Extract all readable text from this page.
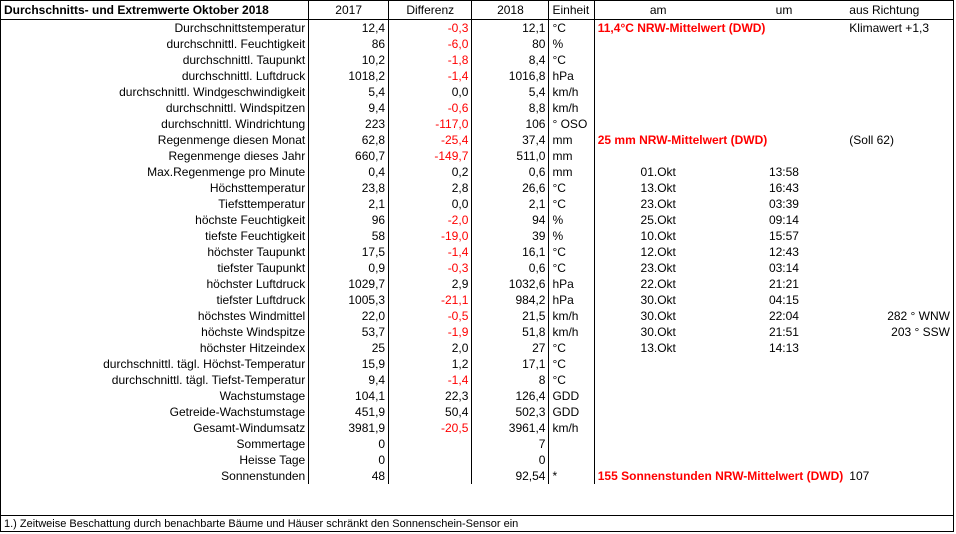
Durchschnitts- und Extremwerte Oktober 2018	2017	Differenz	2018	Einheit	am	um	aus Richtung
Durchschnittstemperatur	12,4	-0,3	12,1	°C	11,4°C NRW-Mittelwert (DWD)		Klimawert +1,3
durchschnittl. Feuchtigkeit	86	-6,0	80	%			
durchschnittl. Taupunkt	10,2	-1,8	8,4	°C			
durchschnittl. Luftdruck	1018,2	-1,4	1016,8	hPa			
durchschnittl. Windgeschwindigkeit	5,4	0,0	5,4	km/h			
durchschnittl. Windspitzen	9,4	-0,6	8,8	km/h			
durchschnittl. Windrichtung	223	-117,0	106	° OSO			
Regenmenge diesen Monat	62,8	-25,4	37,4	mm	25 mm NRW-Mittelwert (DWD)		(Soll 62)
Regenmenge dieses Jahr	660,7	-149,7	511,0	mm			
Max.Regenmenge pro Minute	0,4	0,2	0,6	mm	01.Okt	13:58	
Höchsttemperatur	23,8	2,8	26,6	°C	13.Okt	16:43	
Tiefsttemperatur	2,1	0,0	2,1	°C	23.Okt	03:39	
höchste Feuchtigkeit	96	-2,0	94	%	25.Okt	09:14	
tiefste Feuchtigkeit	58	-19,0	39	%	10.Okt	15:57	
höchster Taupunkt	17,5	-1,4	16,1	°C	12.Okt	12:43	
tiefster Taupunkt	0,9	-0,3	0,6	°C	23.Okt	03:14	
höchster Luftdruck	1029,7	2,9	1032,6	hPa	22.Okt	21:21	
tiefster Luftdruck	1005,3	-21,1	984,2	hPa	30.Okt	04:15	
höchstes Windmittel	22,0	-0,5	21,5	km/h	30.Okt	22:04	282 ° WNW
höchste Windspitze	53,7	-1,9	51,8	km/h	30.Okt	21:51	203 ° SSW
höchster Hitzeindex	25	2,0	27	°C	13.Okt	14:13	
durchschnittl. tägl. Höchst-Temperatur	15,9	1,2	17,1	°C			
durchschnittl. tägl. Tiefst-Temperatur	9,4	-1,4	8	°C			
Wachstumstage	104,1	22,3	126,4	GDD			
Getreide-Wachstumstage	451,9	50,4	502,3	GDD			
Gesamt-Windumsatz	3981,9	-20,5	3961,4	km/h			
Sommertage	0		7				
Heisse Tage	0		0				
Sonnenstunden	48		92,54	*	155 Sonnenstunden NRW-Mittelwert (DWD)		107
1.) Zeitweise Beschattung durch benachbarte Bäume und Häuser schränkt den Sonnenschein-Sensor ein
